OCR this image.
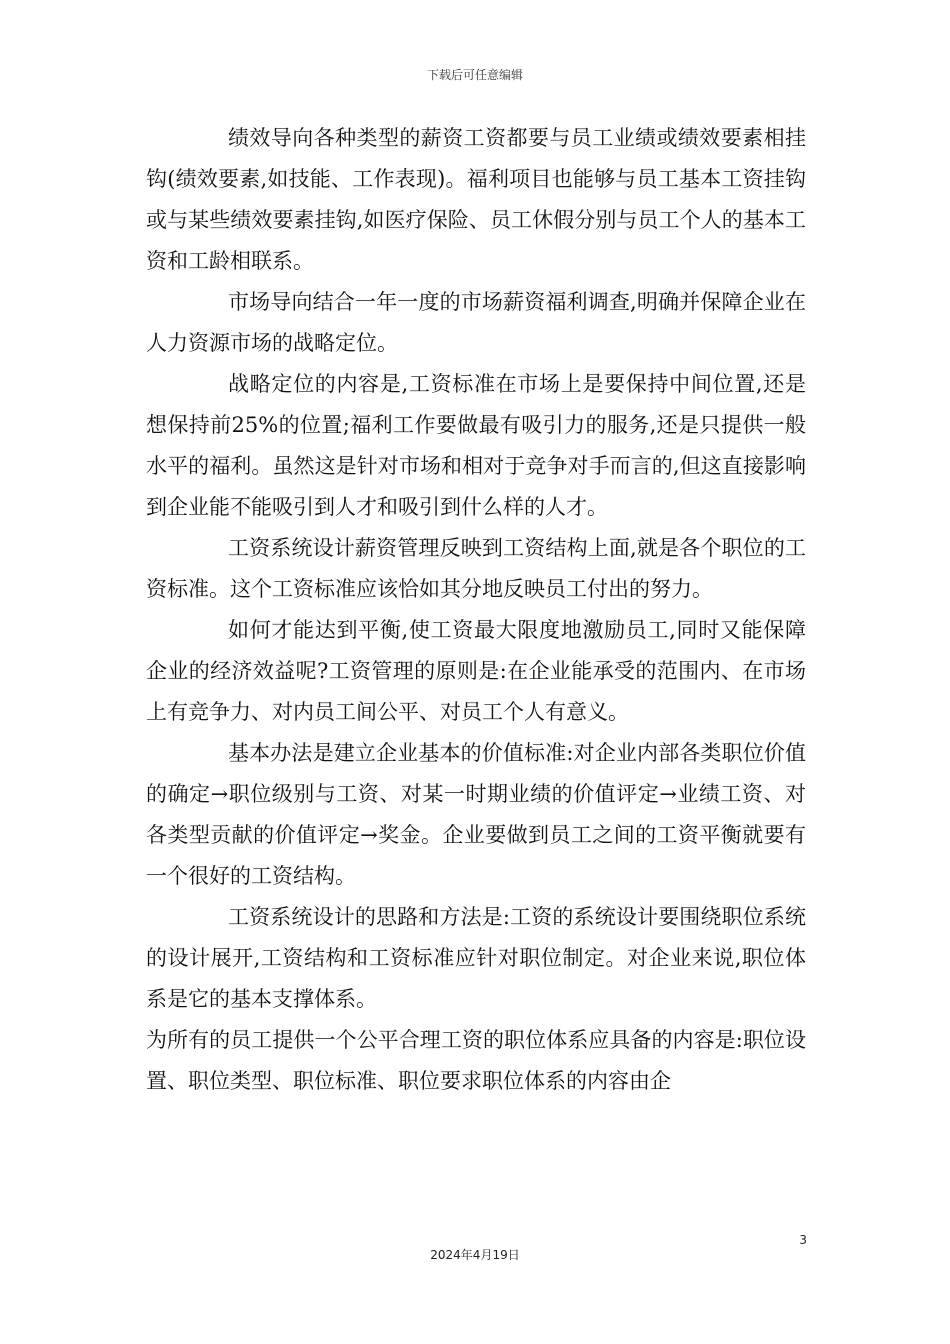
下载后可任意编辑

绩效导向各种类型的薪资工资都要与员工业绩或绩效要素相挂钩(绩效要素,如技能、工作表现)。福利项目也能够与员工基本工资挂钩或与某些绩效要素挂钩,如医疗保险、员工休假分别与员工个人的基本工资和工龄相联系。

市场导向结合一年一度的市场薪资福利调查,明确并保障企业在人力资源市场的战略定位。

战略定位的内容是,工资标准在市场上是要保持中间位置,还是想保持前25%的位置;福利工作要做最有吸引力的服务,还是只提供一般水平的福利。虽然这是针对市场和相对于竞争对手而言的,但这直接影响到企业能不能吸引到人才和吸引到什么样的人才。

工资系统设计薪资管理反映到工资结构上面,就是各个职位的工资标准。这个工资标准应该恰如其分地反映员工付出的努力。

如何才能达到平衡,使工资最大限度地激励员工,同时又能保障企业的经济效益呢?工资管理的原则是:在企业能承受的范围内、在市场上有竞争力、对内员工间公平、对员工个人有意义。

基本办法是建立企业基本的价值标准:对企业内部各类职位价值的确定→职位级别与工资、对某一时期业绩的价值评定→业绩工资、对各类型贡献的价值评定→奖金。企业要做到员工之间的工资平衡就要有一个很好的工资结构。

工资系统设计的思路和方法是:工资的系统设计要围绕职位系统的设计展开,工资结构和工资标准应针对职位制定。对企业来说,职位体系是它的基本支撑体系。

为所有的员工提供一个公平合理工资的职位体系应具备的内容是:职位设置、职位类型、职位标准、职位要求职位体系的内容由企

3
2024年4月19日
